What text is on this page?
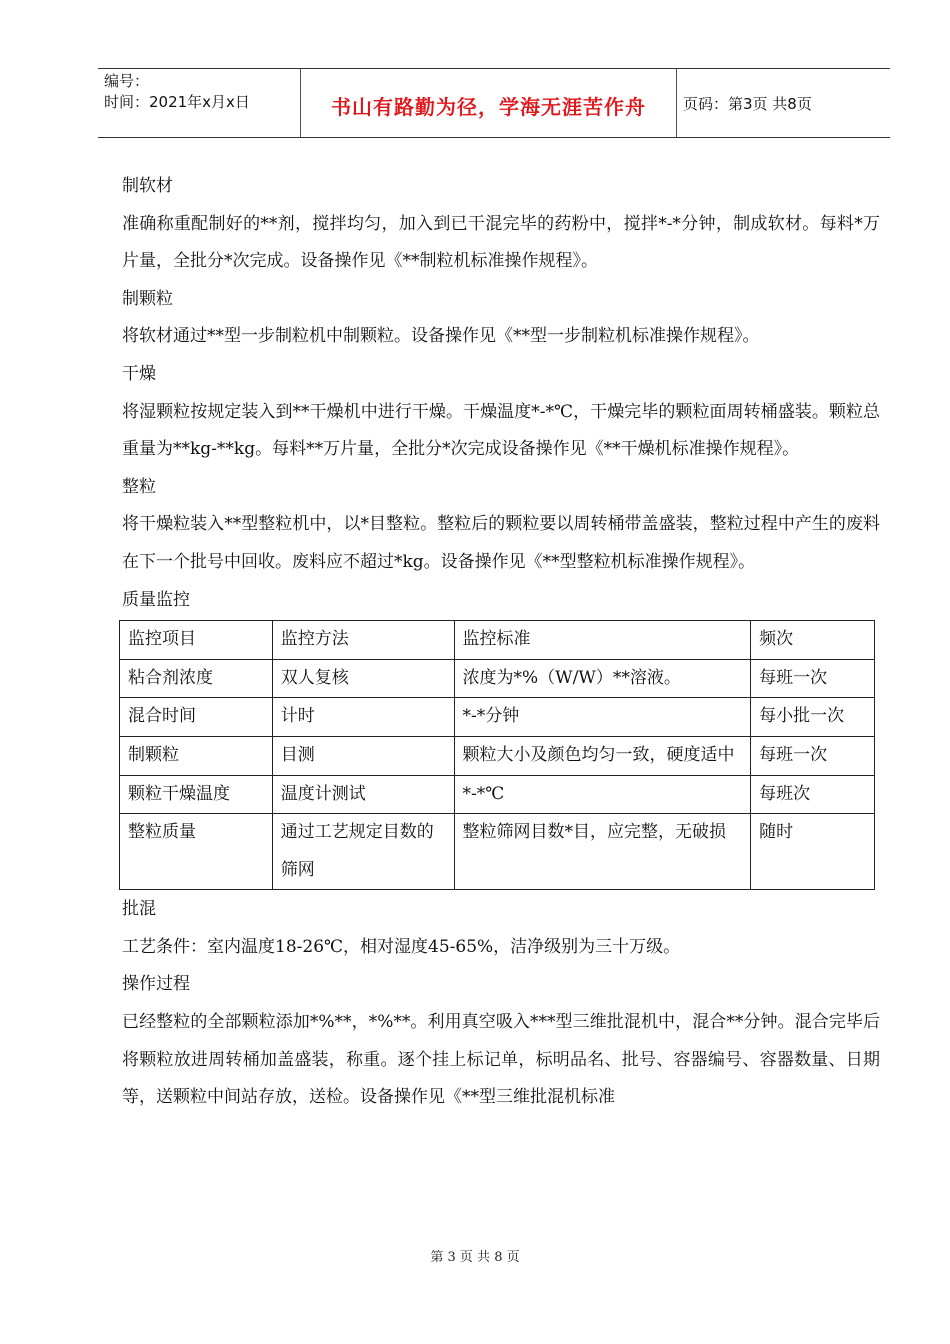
编号：
时间：2021年x月x日	书山有路勤为径，学海无涯苦作舟 页码：第3页 共8页

制软材

准确称重配制好的**剂，搅拌均匀，加入到已干混完毕的药粉中，搅拌*-*分钟，制成软材。每料*万片量，全批分*次完成。设备操作见《**制粒机标准操作规程》。

制颗粒

将软材通过**型一步制粒机中制颗粒。设备操作见《**型一步制粒机标准操作规程》。

干燥

将湿颗粒按规定装入到**干燥机中进行干燥。干燥温度*-*℃，干燥完毕的颗粒面周转桶盛装。颗粒总重量为**kg-**kg。每料**万片量，全批分*次完成设备操作见《**干燥机标准操作规程》。

整粒

将干燥粒装入**型整粒机中，以*目整粒。整粒后的颗粒要以周转桶带盖盛装，整粒过程中产生的废料在下一个批号中回收。废料应不超过*kg。设备操作见《**型整粒机标准操作规程》。

质量监控

监控项目	监控方法	监控标准	频次
粘合剂浓度	双人复核	浓度为*%（W/W）**溶液。	每班一次
混合时间	计时	*-*分钟	每小批一次
制颗粒	目测	颗粒大小及颜色均匀一致，硬度适中	每班一次
颗粒干燥温度	温度计测试	*-*℃	每班次
整粒质量	通过工艺规定目数的筛网	整粒筛网目数*目，应完整，无破损	随时

批混

工艺条件：室内温度18-26℃，相对湿度45-65%，洁净级别为三十万级。

操作过程

已经整粒的全部颗粒添加*%**，*%**。利用真空吸入***型三维批混机中，混合**分钟。混合完毕后将颗粒放进周转桶加盖盛装，称重。逐个挂上标记单，标明品名、批号、容器编号、容器数量、日期等，送颗粒中间站存放，送检。设备操作见《**型三维批混机标准

第 3 页 共 8 页
